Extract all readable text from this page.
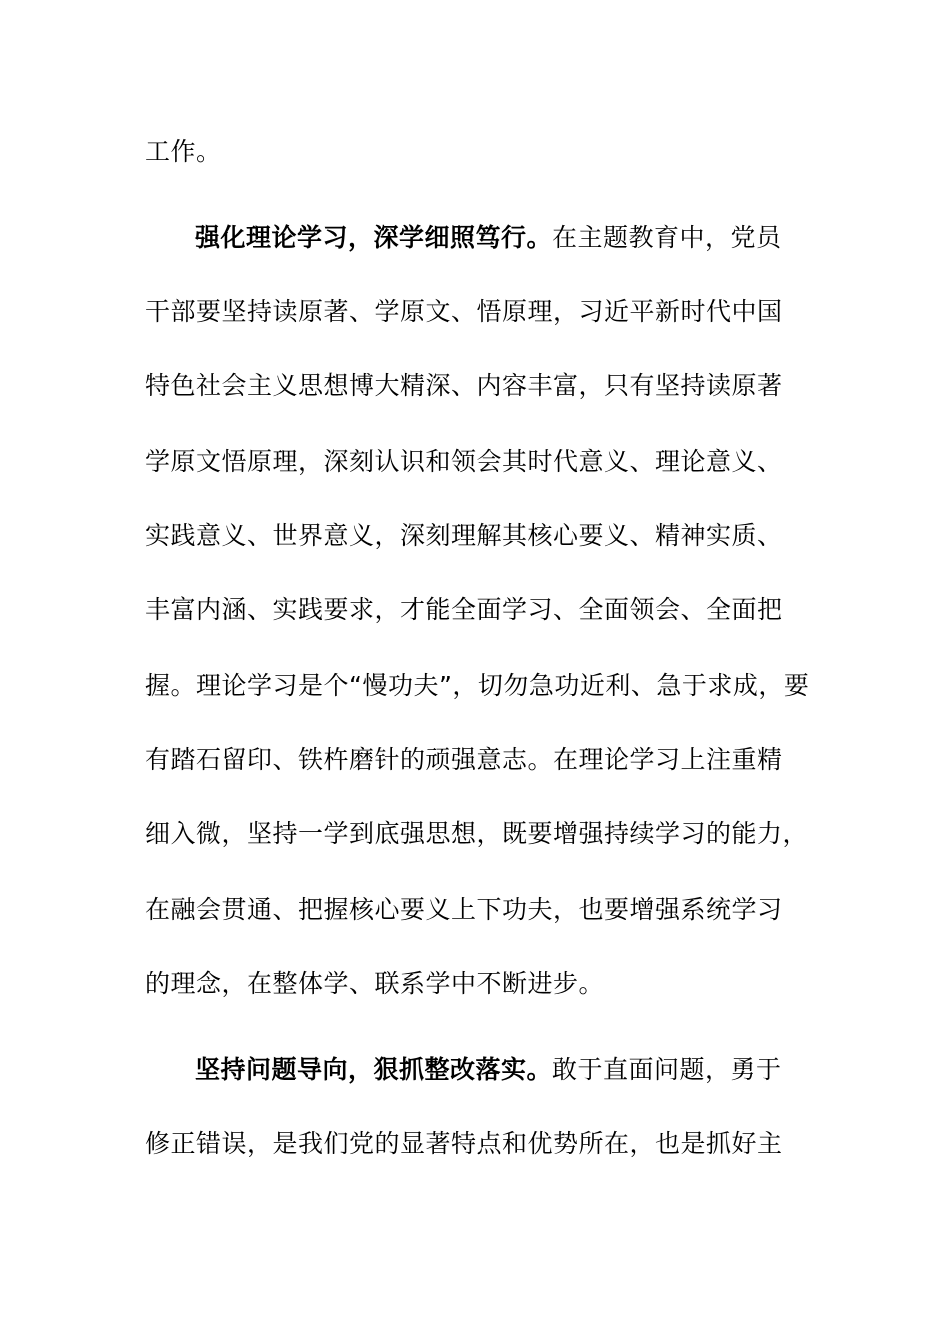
工作。
强化理论学习，深学细照笃行。在主题教育中，党员
干部要坚持读原著、学原文、悟原理，习近平新时代中国
特色社会主义思想博大精深、内容丰富，只有坚持读原著
学原文悟原理，深刻认识和领会其时代意义、理论意义、
实践意义、世界意义，深刻理解其核心要义、精神实质、
丰富内涵、实践要求，才能全面学习、全面领会、全面把
握。理论学习是个“慢功夫”，切勿急功近利、急于求成，要
有踏石留印、铁杵磨针的顽强意志。在理论学习上注重精
细入微，坚持一学到底强思想，既要增强持续学习的能力，
在融会贯通、把握核心要义上下功夫，也要增强系统学习
的理念，在整体学、联系学中不断进步。
坚持问题导向，狠抓整改落实。敢于直面问题，勇于
修正错误，是我们党的显著特点和优势所在，也是抓好主
